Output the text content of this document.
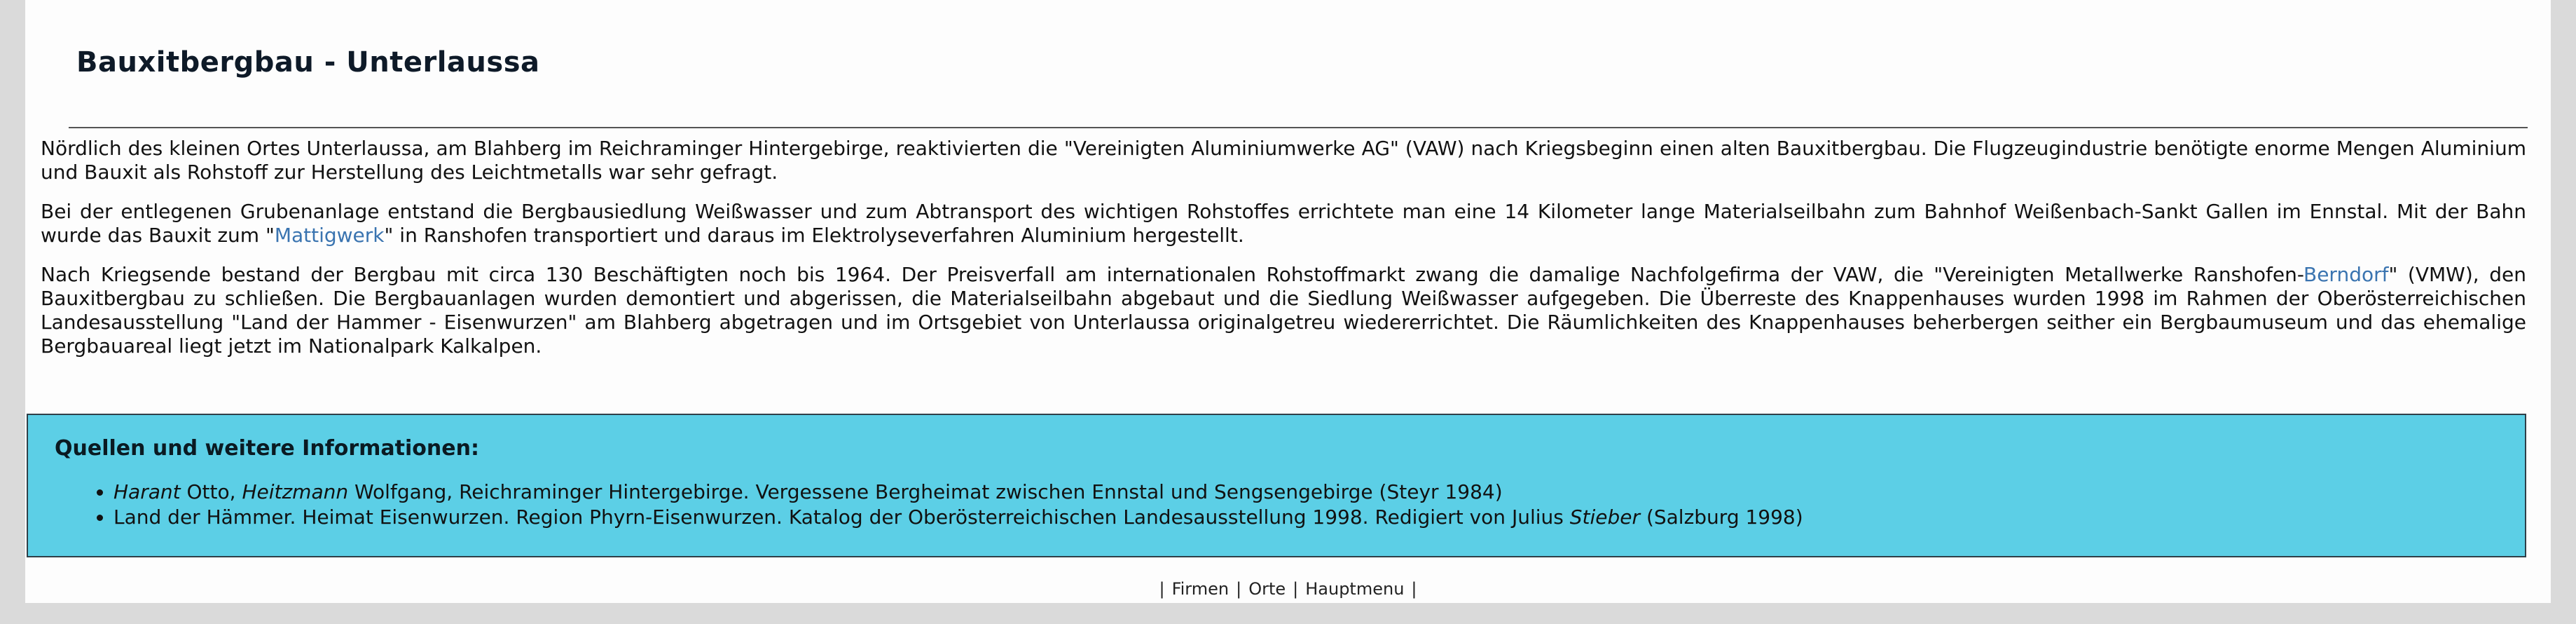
Bauxitbergbau - Unterlaussa

Nördlich des kleinen Ortes Unterlaussa, am Blahberg im Reichraminger Hintergebirge, reaktivierten die "Vereinigten Aluminiumwerke AG" (VAW) nach Kriegsbeginn einen alten Bauxitbergbau. Die Flugzeugindustrie benötigte enorme Mengen Aluminium und Bauxit als Rohstoff zur Herstellung des Leichtmetalls war sehr gefragt.

Bei der entlegenen Grubenanlage entstand die Bergbausiedlung Weißwasser und zum Abtransport des wichtigen Rohstoffes errichtete man eine 14 Kilometer lange Materialseilbahn zum Bahnhof Weißenbach-Sankt Gallen im Ennstal. Mit der Bahn wurde das Bauxit zum "Mattigwerk" in Ranshofen transportiert und daraus im Elektrolyseverfahren Aluminium hergestellt.

Nach Kriegsende bestand der Bergbau mit circa 130 Beschäftigten noch bis 1964. Der Preisverfall am internationalen Rohstoffmarkt zwang die damalige Nachfolgefirma der VAW, die "Vereinigten Metallwerke Ranshofen-Berndorf" (VMW), den Bauxitbergbau zu schließen. Die Bergbauanlagen wurden demontiert und abgerissen, die Materialseilbahn abgebaut und die Siedlung Weißwasser aufgegeben. Die Überreste des Knappenhauses wurden 1998 im Rahmen der Oberösterreichischen Landesausstellung "Land der Hammer - Eisenwurzen" am Blahberg abgetragen und im Ortsgebiet von Unterlaussa originalgetreu wiedererrichtet. Die Räumlichkeiten des Knappenhauses beherbergen seither ein Bergbaumuseum und das ehemalige Bergbauareal liegt jetzt im Nationalpark Kalkalpen.

Quellen und weitere Informationen:
• Harant Otto, Heitzmann Wolfgang, Reichraminger Hintergebirge. Vergessene Bergheimat zwischen Ennstal und Sengsengebirge (Steyr 1984)
• Land der Hämmer. Heimat Eisenwurzen. Region Phyrn-Eisenwurzen. Katalog der Oberösterreichischen Landesausstellung 1998. Redigiert von Julius Stieber (Salzburg 1998)
| Firmen | Orte | Hauptmenu |
